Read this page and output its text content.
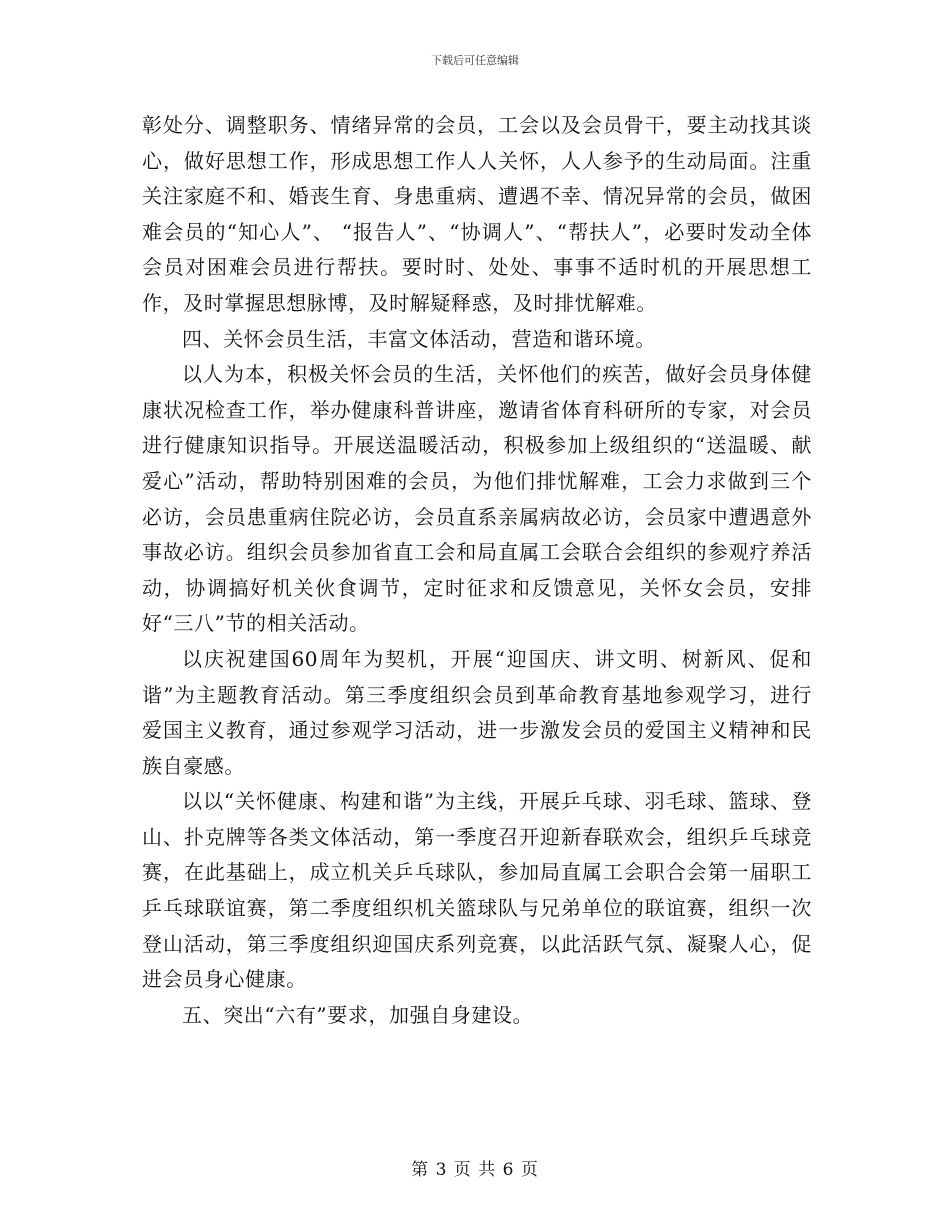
下载后可任意编辑

彰处分、调整职务、情绪异常的会员，工会以及会员骨干，要主动找其谈心，做好思想工作，形成思想工作人人关怀，人人参予的生动局面。注重关注家庭不和、婚丧生育、身患重病、遭遇不幸、情况异常的会员，做困难会员的“知心人”、 “报告人”、“协调人”、“帮扶人”，必要时发动全体会员对困难会员进行帮扶。要时时、处处、事事不适时机的开展思想工作，及时掌握思想脉博，及时解疑释惑，及时排忧解难。

四、关怀会员生活，丰富文体活动，营造和谐环境。

以人为本，积极关怀会员的生活，关怀他们的疾苦，做好会员身体健康状况检查工作，举办健康科普讲座，邀请省体育科研所的专家，对会员进行健康知识指导。开展送温暖活动，积极参加上级组织的“送温暖、献爱心”活动，帮助特别困难的会员，为他们排忧解难，工会力求做到三个必访，会员患重病住院必访，会员直系亲属病故必访，会员家中遭遇意外事故必访。组织会员参加省直工会和局直属工会联合会组织的参观疗养活动，协调搞好机关伙食调节，定时征求和反馈意见，关怀女会员，安排好“三八”节的相关活动。

以庆祝建国60周年为契机，开展“迎国庆、讲文明、树新风、促和谐”为主题教育活动。第三季度组织会员到革命教育基地参观学习，进行爱国主义教育，通过参观学习活动，进一步激发会员的爱国主义精神和民族自豪感。

以以“关怀健康、构建和谐”为主线，开展乒乓球、羽毛球、篮球、登山、扑克牌等各类文体活动，第一季度召开迎新春联欢会，组织乒乓球竞赛，在此基础上，成立机关乒乓球队，参加局直属工会职合会第一届职工乒乓球联谊赛，第二季度组织机关篮球队与兄弟单位的联谊赛，组织一次登山活动，第三季度组织迎国庆系列竞赛，以此活跃气氛、凝聚人心，促进会员身心健康。

五、突出“六有”要求，加强自身建设。

第 3 页 共 6 页
